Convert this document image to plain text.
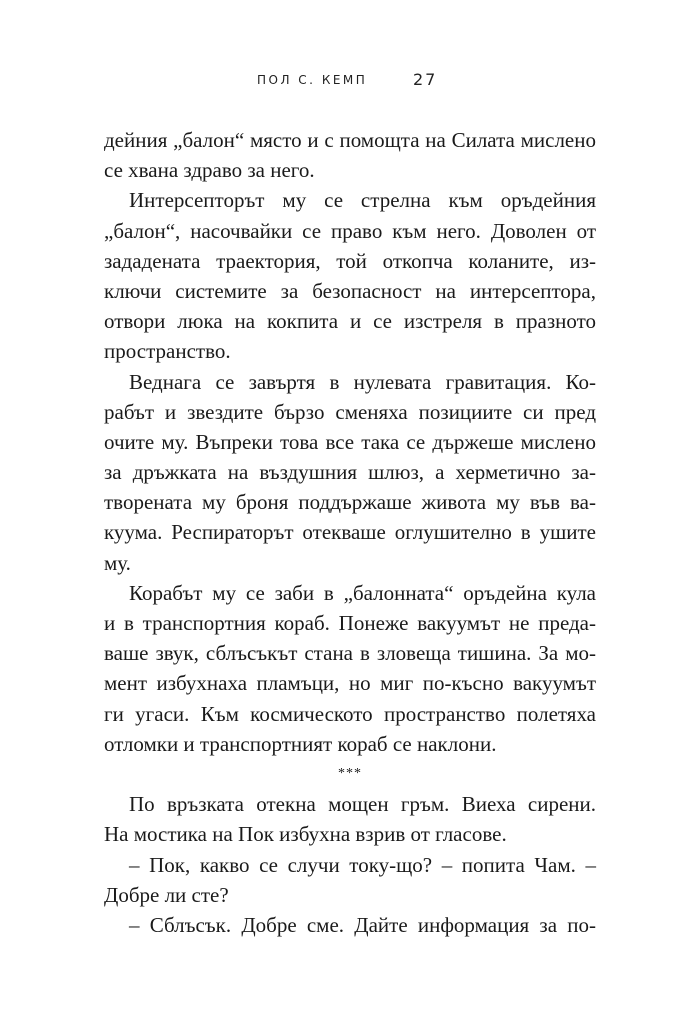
ПОЛ С. КЕМП	27
дейния „балон“ място и с помощта на Силата мислено
се хвана здраво за него.
Интерсепторът му се стрелна към оръдейния
„балон“, насочвайки се право към него. Доволен от
зададената траектория, той откопча коланите, из-
ключи системите за безопасност на интерсептора,
отвори люка на кокпита и се изстреля в празното
пространство.
Веднага се завъртя в нулевата гравитация. Ко-
рабът и звездите бързо сменяха позициите си пред
очите му. Въпреки това все така се държеше мислено
за дръжката на въздушния шлюз, а херметично за-
творената му броня поддържаше живота му във ва-
куума. Респираторът отекваше оглушително в ушите
му.
Корабът му се заби в „балонната“ оръдейна кула
и в транспортния кораб. Понеже вакуумът не преда-
ваше звук, сблъсъкът стана в зловеща тишина. За мо-
мент избухнаха пламъци, но миг по-късно вакуумът
ги угаси. Към космическото пространство полетяха
отломки и транспортният кораб се наклони.
***
По връзката отекна мощен гръм. Виеха сирени.
На мостика на Пок избухна взрив от гласове.
– Пок, какво се случи току-що? – попита Чам. –
Добре ли сте?
– Сблъсък. Добре сме. Дайте информация за по-
